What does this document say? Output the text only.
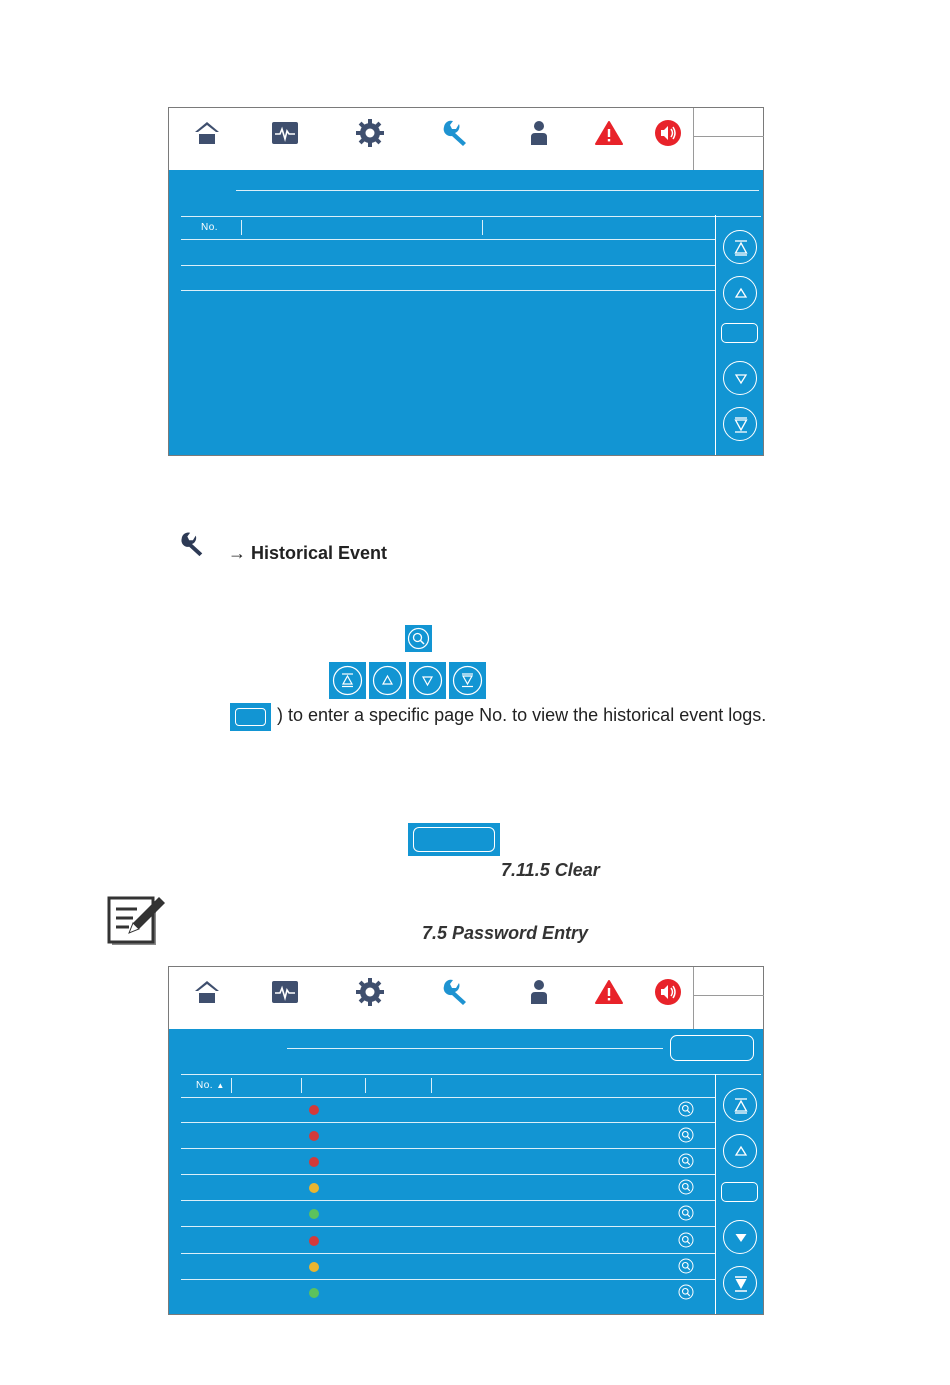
No.
→ Historical Event
) to enter a specific page No. to view the historical event logs.
7.11.5 Clear
7.5 Password Entry
No. ▲
